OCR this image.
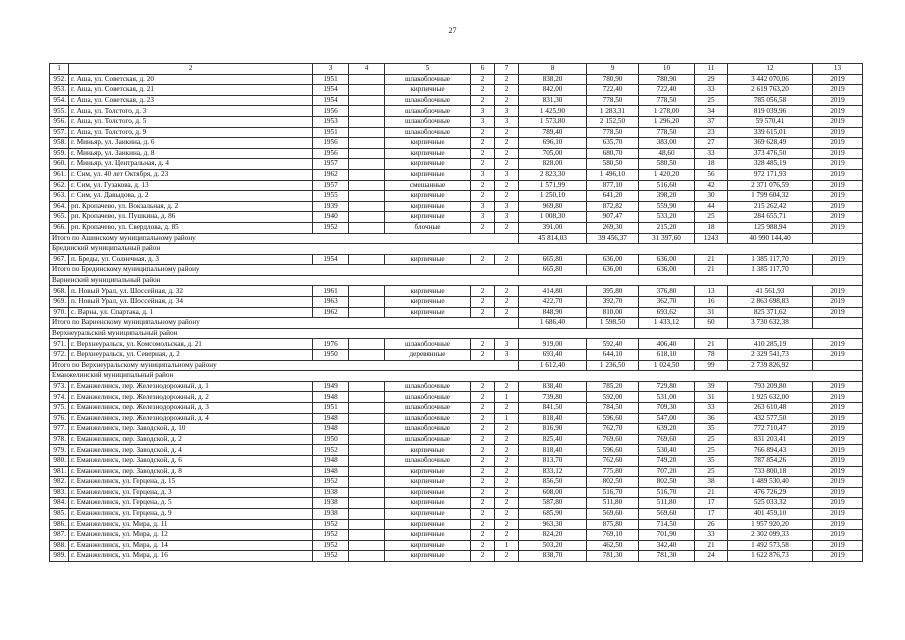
27
1	2	3	4	5	6	7	8	9	10	11	12	13
952.	г. Аша, ул. Советская, д. 20	1951		шлакоблочные	2	2	838,20	780,90	780,90	29	3 442 070,06	2019
953.	г. Аша, ул. Советская, д. 21	1954		кирпичные	2	2	842,00	722,40	722,40	33	2 619 763,20	2019
954.	г. Аша, ул. Советская, д. 23	1954		шлакоблочные	2	2	831,30	778,50	778,50	25	785 056,58	2019
955.	г. Аша, ул. Толстого, д. 3	1956		шлакоблочные	3	3	1 425,90	1 283,31	1 278,00	34	819 039,96	2019
956.	г. Аша, ул. Толстого, д. 5	1953		шлакоблочные	3	3	1 573,80	2 152,50	1 296,20	37	59 570,41	2019
957.	г. Аша, ул. Толстого, д. 9	1951		шлакоблочные	2	2	789,40	778,50	778,50	23	339 615,01	2019
958.	г. Миньяр, ул. Заикина, д. 6	1956		кирпичные	2	2	696,10	635,70	383,00	27	369 628,49	2019
959.	г. Миньяр, ул. Заикина, д. 8	1956		кирпичные	2	2	705,00	680,70	48,60	33	373 476,50	2019
960.	г. Миньяр, ул. Центральная, д. 4	1957		кирпичные	2	2	828,00	580,50	580,50	18	328 485,19	2019
961.	г. Сим, ул. 40 лет Октября, д. 23	1962		кирпичные	3	3	2 823,30	1 496,10	1 420,20	56	972 171,93	2019
962.	г. Сим, ул. Гузакова, д. 13	1957		смешанные	2	2	1 571,99	877,10	516,60	42	2 371 076,59	2019
963.	г. Сим, ул. Давыдова, д. 2	1955		кирпичные	2	2	1 250,10	641,20	398,20	30	1 799 604,32	2019
964.	рп. Кропачево, ул. Вокзальная, д. 2	1939		кирпичные	3	3	969,80	872,82	559,90	44	215 262,42	2019
965.	рп. Кропачево, ул. Пушкина, д. 86	1940		кирпичные	3	3	1 008,30	907,47	533,20	25	284 655,71	2019
966.	рп. Кропачево, ул. Свердлова, д. 85	1952		блочные	2	2	391,00	269,30	215,20	18	125 988,94	2019
Итого по Ашинскому муниципальному району							45 814,03	39 456,37	31 397,60	1243	40 990 144,40	
Бредииский муниципальный район												
967.	п. Бреды, ул. Солнечная, д. 3	1954		кирпичные	2	2	665,80	636,00	636,00	21	1 385 117,70	2019
Итого по Брединскому муниципальному району							665,80	636,00	636,00	21	1 385 117,70	
Варненский муниципальный район												
968.	п. Новый Урал, ул. Шоссейная, д. 32	1961		кирпичные	2	2	414,80	395,80	376,80	13	41 561,93	2019
969.	п. Новый Урал, ул. Шоссейная, д. 34	1963		кирпичные	2	2	422,70	392,70	362,70	16	2 863 698,83	2019
970.	с. Варна, ул. Спартака, д. 1	1962		кирпичные	2	2	848,90	810,00	693,62	31	825 371,62	2019
Итого по Варненскому муниципальному району							1 686,40	1 598,50	1 433,12	60	3 730 632,38	
Верхнеуральский муниципальный район												
971.	г. Верхнеуральск, ул. Комсомольская, д. 21	1976		шлакоблочные	2	3	919,00	592,40	406,40	21	410 285,19	2019
972.	г. Верхнеуральск, ул. Северная, д. 2	1950		деревянные	2	3	693,40	644,10	618,10	78	2 329 541,73	2019
Итого по Верхнеуральскому муниципальному району							1 612,40	1 236,50	1 024,50	99	2 739 826,92	
Еманжелинский муниципальный район												
973.	г. Еманжелинск, пер. Железнодорожный, д. 1	1949		шлакоблочные	2	2	838,40	785,20	729,80	39	793 209,80	2019
974.	г. Еманжелинск, пер. Железнодорожный, д. 2	1948		шлакоблочные	2	1	739,80	592,00	531,00	31	1 925 632,00	2019
975.	г. Еманжелинск, пер. Железнодорожный, д. 3	1951		шлакоблочные	2	2	841,50	784,50	709,30	33	263 610,48	2019
976.	г. Еманжелинск, пер. Железнодорожный, д. 4	1948		шлакоблочные	2	1	818,40	596,60	547,00	36	432 577,50	2019
977.	г. Еманжелинск, пер. Заводской, д. 10	1948		шлакоблочные	2	2	816,90	762,70	639,20	35	772 710,47	2019
978.	г. Еманжелинск, пер. Заводской, д. 2	1950		шлакоблочные	2	2	825,40	769,60	769,60	25	831 203,41	2019
979.	г. Еманжелинск, пер. Заводской, д. 4	1952		кирпичные	2	2	818,40	596,60	530,40	25	766 894,43	2019
980.	г. Еманжелинск, пер. Заводской, д. 6	1948		шлакоблочные	2	2	813,70	762,60	749,20	35	787 854,26	2019
981.	г. Еманжелинск, пер. Заводской, д. 8	1948		кирпичные	2	2	833,12	775,80	707,20	25	733 800,18	2019
982.	г. Еманжелинск, ул. Герцена, д. 15	1952		кирпичные	2	2	856,50	802,50	802,50	38	1 489 530,40	2019
983.	г. Еманжелинск, ул. Герцена, д. 3	1938		кирпичные	2	2	608,00	516,70	516,70	21	476 726,29	2019
984.	г. Еманжелинск, ул. Герцена, д. 5	1938		кирпичные	2	2	587,80	511,80	511,80	17	525 033,32	2019
985.	г. Еманжелинск, ул. Герцена, д. 9	1938		кирпичные	2	2	685,90	569,60	569,60	17	401 459,10	2019
986.	г. Еманжелинск, ул. Мира, д. 11	1952		кирпичные	2	2	963,30	875,80	714,50	26	1 957 920,20	2019
987.	г. Еманжелинск, ул. Мира, д. 12	1952		кирпичные	2	2	824,20	769,10	701,90	33	2 302 099,33	2019
988.	г. Еманжелинск, ул. Мира, д. 14	1952		кирпичные	2	1	503,20	462,50	342,40	21	1 492 573,58	2019
989.	г. Еманжелинск, ул. Мира, д. 16	1952		кирпичные	2	2	838,70	781,30	781,30	24	1 622 876,73	2019
